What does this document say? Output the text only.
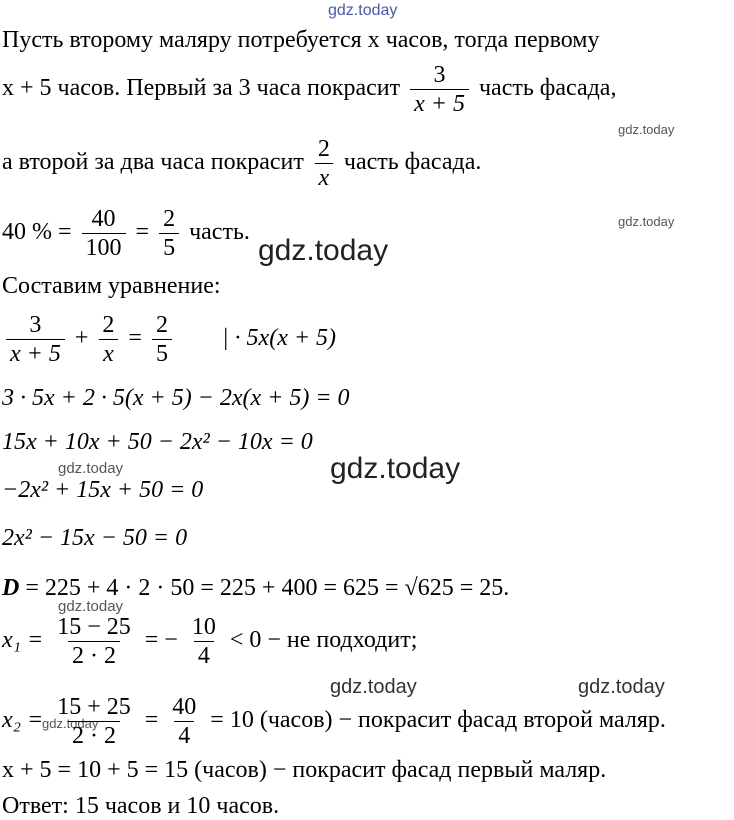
gdz.today
gdz.today
gdz.today
gdz.today
gdz.today
gdz.today
gdz.today
gdz.today	gdz.today
gdz.today
Пусть второму маляру потребуется x часов, тогда первому
x + 5 часов. Первый за 3 часа покрасит $\frac{3}{x + 5}$ часть фасада,
а второй за два часа покрасит $\frac{2}{x}$ часть фасада.
40 % = $\frac{40}{100} = \frac{2}{5}$ часть.
Составим уравнение:
$\frac{3}{x + 5} + \frac{2}{x} = \frac{2}{5}$ | · 5x(x + 5)
3 · 5x + 2 · 5(x + 5) − 2x(x + 5) = 0
15x + 10x + 50 − 2x² − 10x = 0
−2x² + 15x + 50 = 0
2x² − 15x − 50 = 0
D = 225 + 4 · 2 · 50 = 225 + 400 = 625 = √625 = 25.
$x_1 = \frac{15 - 25}{2 \cdot 2}$ = − $\frac{10}{4} < 0$ − не подходит;
$x_2 = \frac{15 + 25}{2 \cdot 2} = \frac{40}{4} = 10$ (часов) − покрасит фасад второй маляр.
x + 5 = 10 + 5 = 15 (часов) − покрасит фасад первый маляр.
Ответ: 15 часов и 10 часов.
